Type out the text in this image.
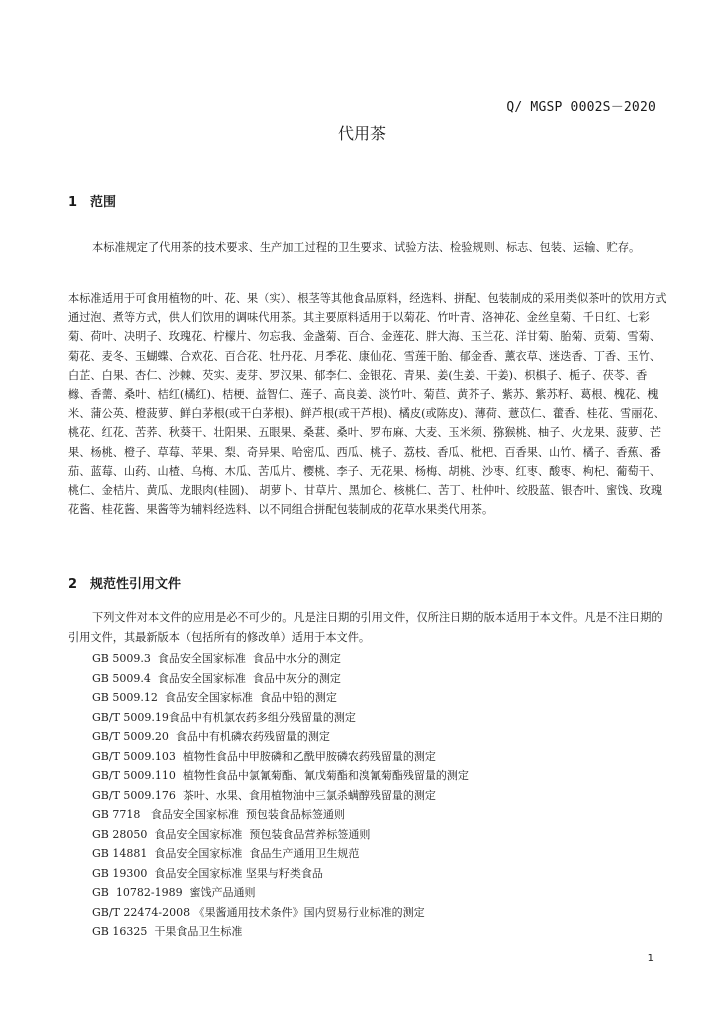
Q/ MGSP 0002S－2020
代用茶
1 范围

本标准规定了代用茶的技术要求、生产加工过程的卫生要求、试验方法、检验规则、标志、包装、运输、贮存。

本标准适用于可食用植物的叶、花、果（实）、根茎等其他食品原料，经选料、拼配、包装制成的采用类似茶叶的饮用方式通过泡、煮等方式，供人们饮用的调味代用茶。其主要原料适用于以菊花、竹叶青、洛神花、金丝皇菊、千日红、七彩菊、荷叶、决明子、玫瑰花、柠檬片、勿忘我、金盏菊、百合、金莲花、胖大海、玉兰花、洋甘菊、胎菊、贡菊、雪菊、菊花、麦冬、玉蝴蝶、合欢花、百合花、牡丹花、月季花、康仙花、雪莲干胎、郁金香、薰衣草、迷迭香、丁香、玉竹、白芷、白果、杏仁、沙棘、芡实、麦芽、罗汉果、郁李仁、金银花、青果、姜(生姜、干姜)、枳椇子、栀子、茯苓、香橼、香薷、桑叶、桔红(橘红)、桔梗、益智仁、莲子、高良姜、淡竹叶、菊苣、黄芥子、紫苏、紫苏籽、葛根、槐花、槐米、蒲公英、橙菠萝、鲜白茅根(或干白茅根)、鲜芦根(或干芦根)、橘皮(或陈皮)、薄荷、薏苡仁、藿香、桂花、雪丽花、桃花、红花、苦荞、秋葵干、壮阳果、五眼果、桑葚、桑叶、罗布麻、大麦、玉米须、猕猴桃、柚子、火龙果、菠萝、芒果、杨桃、橙子、草莓、苹果、梨、奇异果、哈密瓜、西瓜、桃子、荔枝、香瓜、枇杷、百香果、山竹、橘子、香蕉、番茄、蓝莓、山药、山楂、乌梅、木瓜、苦瓜片、樱桃、李子、无花果、杨梅、胡桃、沙枣、红枣、酸枣、枸杞、葡萄干、桃仁、金桔片、黄瓜、龙眼肉(桂圆)、 胡萝卜、甘草片、黑加仑、核桃仁、苦丁、杜仲叶、绞股蓝、银杏叶、蜜饯、玫瑰花酱、桂花酱、果酱等为辅料经选料、以不同组合拼配包装制成的花草水果类代用茶。

2 规范性引用文件

下列文件对本文件的应用是必不可少的。凡是注日期的引用文件，仅所注日期的版本适用于本文件。凡是不注日期的引用文件，其最新版本（包括所有的修改单）适用于本文件。

GB 5009.3  食品安全国家标准  食品中水分的测定
GB 5009.4  食品安全国家标准  食品中灰分的测定
GB 5009.12  食品安全国家标准  食品中铅的测定
GB/T 5009.19食品中有机氯农药多组分残留量的测定
GB/T 5009.20  食品中有机磷农药残留量的测定
GB/T 5009.103  植物性食品中甲胺磷和乙酰甲胺磷农药残留量的测定
GB/T 5009.110  植物性食品中氯氰菊酯、氰戊菊酯和溴氰菊酯残留量的测定
GB/T 5009.176  茶叶、水果、食用植物油中三氯杀螨醇残留量的测定
GB 7718   食品安全国家标准  预包装食品标签通则
GB 28050  食品安全国家标准  预包装食品营养标签通则
GB 14881  食品安全国家标准  食品生产通用卫生规范
GB 19300  食品安全国家标准 坚果与籽类食品
GB  10782-1989  蜜饯产品通则
GB/T 22474-2008 《果酱通用技术条件》国内贸易行业标准的测定
GB 16325  干果食品卫生标准
1
